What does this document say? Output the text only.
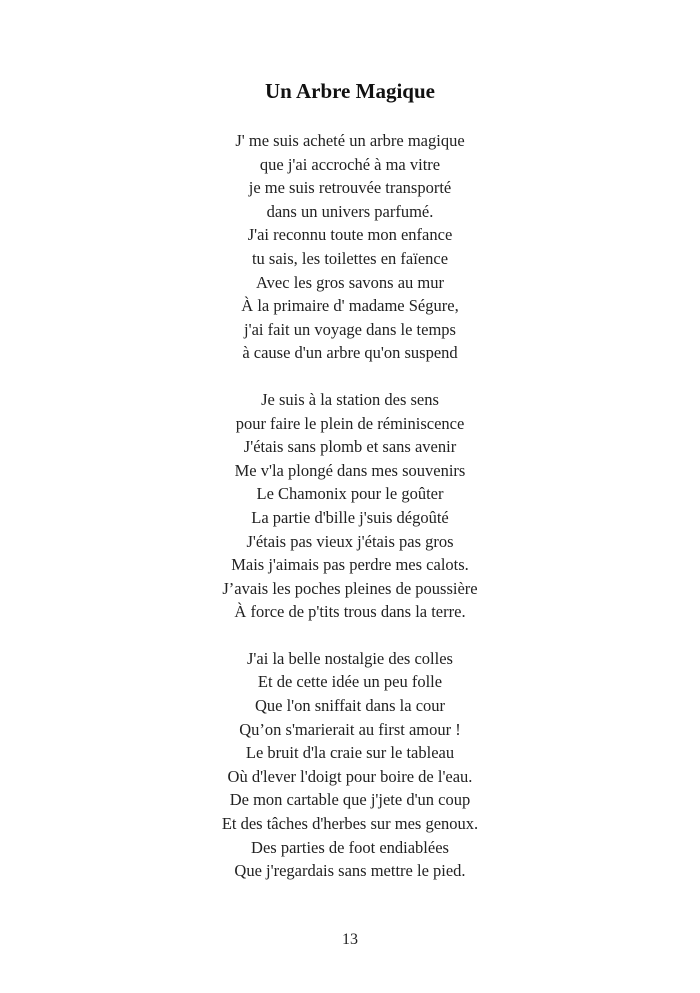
Un Arbre Magique
J' me suis acheté un arbre magique
que j'ai accroché à ma vitre
je me suis retrouvée transporté
dans un univers parfumé.
J'ai reconnu toute mon enfance
tu sais, les toilettes en faïence
Avec les gros savons au mur
À la primaire d' madame Ségure,
j'ai fait un voyage dans le temps
à cause d'un arbre qu'on suspend
Je suis à la station des sens
pour faire le plein de réminiscence
J'étais sans plomb et sans avenir
Me v'la plongé dans mes souvenirs
Le Chamonix pour le goûter
La partie d'bille j'suis dégoûté
J'étais pas vieux j'étais pas gros
Mais j'aimais pas perdre mes calots.
J’avais les poches pleines de poussière
À force de p'tits trous dans la terre.
J'ai la belle nostalgie des colles
Et de cette idée un peu folle
Que l'on sniffait dans la cour
Qu’on s'marierait au first amour !
Le bruit d'la craie sur le tableau
Où d'lever l'doigt pour boire de l'eau.
De mon cartable que j'jete d'un coup
Et des tâches d'herbes sur mes genoux.
Des parties de foot endiablées
Que j'regardais sans mettre le pied.
13
